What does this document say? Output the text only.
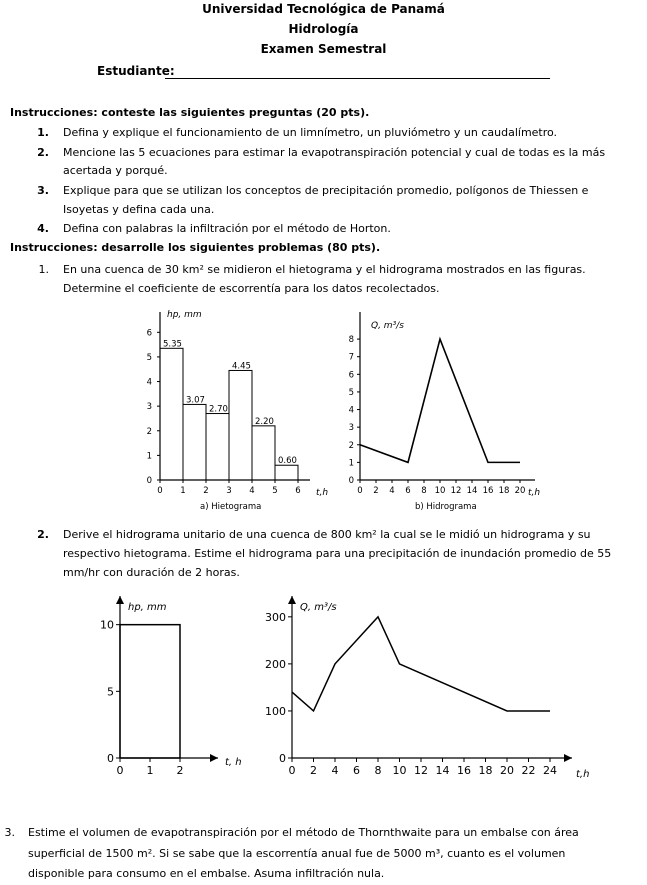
Universidad Tecnológica de Panamá
Hidrología
Examen Semestral
Estudiante:
Instrucciones: conteste las siguientes preguntas (20 pts).
1. Defina y explique el funcionamiento de un limnímetro, un pluviómetro y un caudalímetro.
2. Mencione las 5 ecuaciones para estimar la evapotranspiración potencial y cual de todas es la más
acertada y porqué.
3. Explique para que se utilizan los conceptos de precipitación promedio, polígonos de Thiessen e
Isoyetas y defina cada una.
4. Defina con palabras la infiltración por el método de Horton.
Instrucciones: desarrolle los siguientes problemas (80 pts).
1. En una cuenca de 30 km² se midieron el hietograma y el hidrograma mostrados en las figuras.
Determine el coeficiente de escorrentía para los datos recolectados.
5.35
3.07
2.70
4.45
2.20
0.60
0
1
2
3
4
5
6
0 1 2 3 4 5 6
hp, mm
t,h
a) Hietograma
0
1
2
3
4
5
6
7
8
0 2 4 6 8 10 12 14 16 18 20
Q, m³/s
t,h
b) Hidrograma
2. Derive el hidrograma unitario de una cuenca de 800 km² la cual se le midió un hidrograma y su
respectivo hietograma. Estime el hidrograma para una precipitación de inundación promedio de 55
mm/hr con duración de 2 horas.
0
5
10
0 1 2
hp, mm
t, h	0
100
200
300
0 2 4 6 8 10 12 14 16 18 20 22 24
Q, m³/s
t,h
3. Estime el volumen de evapotranspiración por el método de Thornthwaite para un embalse con área
superficial de 1500 m². Si se sabe que la escorrentía anual fue de 5000 m³, cuanto es el volumen
disponible para consumo en el embalse. Asuma infiltración nula.
